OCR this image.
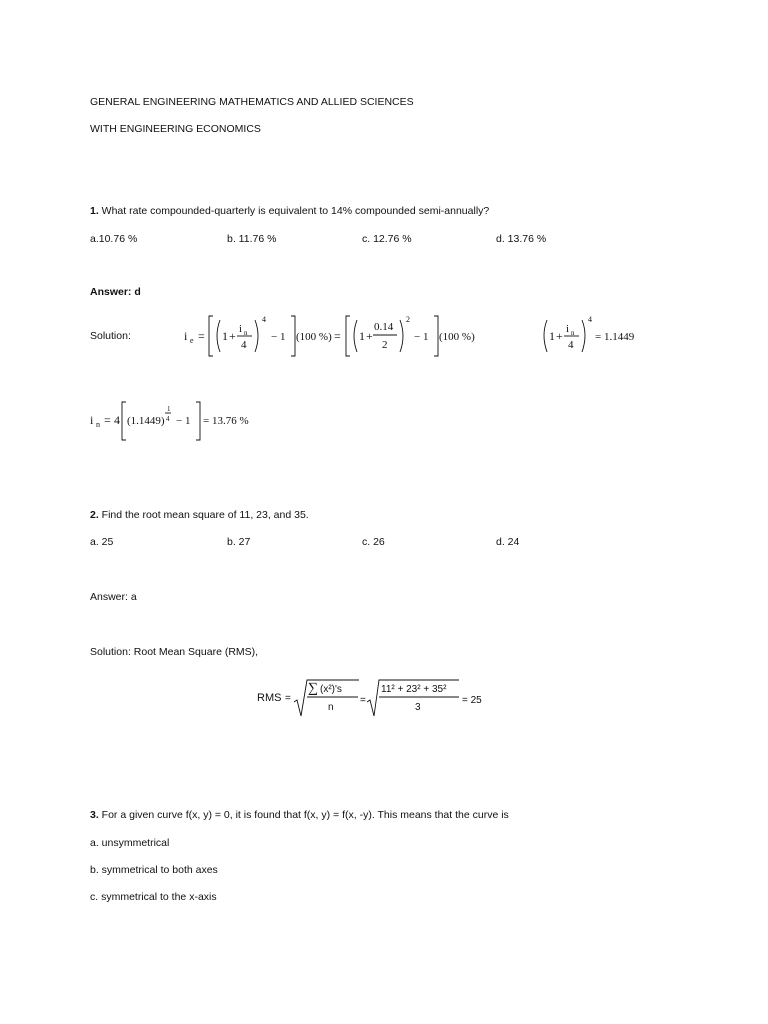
GENERAL ENGINEERING MATHEMATICS AND ALLIED SCIENCES
WITH ENGINEERING ECONOMICS
1. What rate compounded-quarterly is equivalent to 14% compounded semi-annually?
a.10.76 %	b. 11.76 %	c. 12.76 %	d. 13.76 %
Answer: d
Solution:	i e = 1 + i n
4
4
− 1 (100 %) = 1 +
0.14
2
2
− 1 (100 %)	1 + i n
4
4
= 1.1449
i n = 4 (1.1449)
1
4 − 1 = 13.76 %
2. Find the root mean square of 11, 23, and 35.
a. 25	b. 27	c. 26	d. 24
Answer: a
Solution: Root Mean Square (RMS),
RMS =
∑ (x²)'s
n
=
11² + 23² + 35²
3
= 25
3. For a given curve f(x, y) = 0, it is found that f(x, y) = f(x, -y). This means that the curve is
a. unsymmetrical
b. symmetrical to both axes
c. symmetrical to the x-axis
